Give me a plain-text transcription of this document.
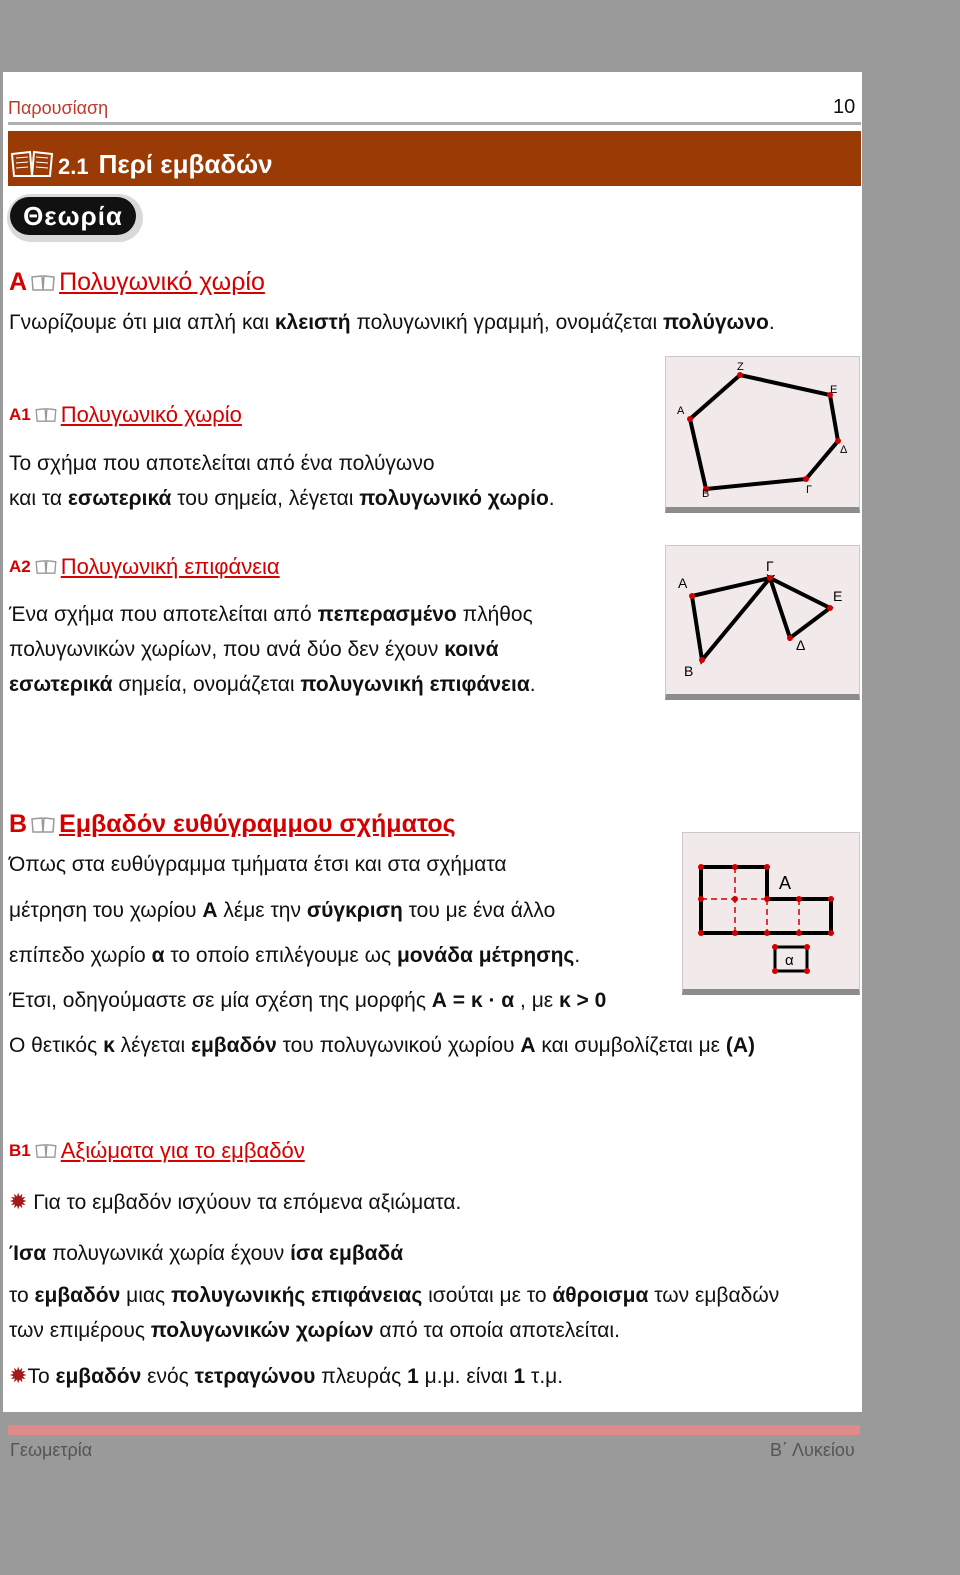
Παρουσίαση	10
2.1 Περί εμβαδών
Θεωρία
Α Πολυγωνικό χωρίο
Γνωρίζουμε ότι μια απλή και κλειστή πολυγωνική γραμμή, ονομάζεται πολύγωνο.
Α1 Πολυγωνικό χωρίο
Το σχήμα που αποτελείται από ένα πολύγωνο
και τα εσωτερικά του σημεία, λέγεται πολυγωνικό χωρίο.
Ζ
Ε
Α
Δ
Β	Γ
Α2 Πολυγωνική επιφάνεια
Ένα σχήμα που αποτελείται από πεπερασμένο πλήθος
πολυγωνικών χωρίων, που ανά δύο δεν έχουν κοινά
εσωτερικά σημεία, ονομάζεται πολυγωνική επιφάνεια.
Γ
Α
Ε
Δ
Β
Β Εμβαδόν ευθύγραμμου σχήματος
Όπως στα ευθύγραμμα τμήματα έτσι και στα σχήματα
μέτρηση του χωρίου Α λέμε την σύγκριση του με ένα άλλο
επίπεδο χωρίο α το οποίο επιλέγουμε ως μονάδα μέτρησης.
Έτσι, οδηγούμαστε σε μία σχέση της μορφής Α = κ · α , με κ > 0
Ο θετικός κ λέγεται εμβαδόν του πολυγωνικού χωρίου Α και συμβολίζεται με (Α)
Α
α
Β1 Αξιώματα για το εμβαδόν
✹ Για το εμβαδόν ισχύουν τα επόμενα αξιώματα.
Ίσα πολυγωνικά χωρία έχουν ίσα εμβαδά
το εμβαδόν μιας πολυγωνικής επιφάνειας ισούται με το άθροισμα των εμβαδών
των επιμέρους πολυγωνικών χωρίων από τα οποία αποτελείται.
✹Το εμβαδόν ενός τετραγώνου πλευράς 1 μ.μ. είναι 1 τ.μ.
Γεωμετρία	Β΄ Λυκείου
